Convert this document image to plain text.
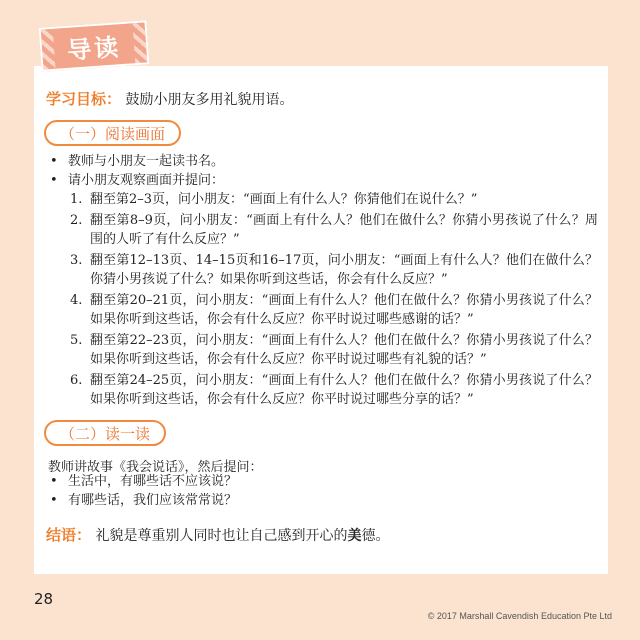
导读
学习目标： 鼓励小朋友多用礼貌用语。
（一）阅读画面
• 教师与小朋友一起读书名。
• 请小朋友观察画面并提问：
1. 翻至第2–3页，问小朋友：“画面上有什么人？你猜他们在说什么？”
2. 翻至第8–9页，问小朋友：“画面上有什么人？他们在做什么？你猜小男孩说了什么？周围的人听了有什么反应？”
3. 翻至第12–13页、14–15页和16–17页，问小朋友：“画面上有什么人？他们在做什么？你猜小男孩说了什么？如果你听到这些话，你会有什么反应？”
4. 翻至第20–21页，问小朋友：“画面上有什么人？他们在做什么？你猜小男孩说了什么？如果你听到这些话，你会有什么反应？你平时说过哪些感谢的话？”
5. 翻至第22–23页，问小朋友：“画面上有什么人？他们在做什么？你猜小男孩说了什么？如果你听到这些话，你会有什么反应？你平时说过哪些有礼貌的话？”
6. 翻至第24–25页，问小朋友：“画面上有什么人？他们在做什么？你猜小男孩说了什么？如果你听到这些话，你会有什么反应？你平时说过哪些分享的话？”
（二）读一读
教师讲故事《我会说话》，然后提问：
• 生活中，有哪些话不应该说？
• 有哪些话，我们应该常常说？
结语： 礼貌是尊重别人同时也让自己感到开心的美德。
28
© 2017 Marshall Cavendish Education Pte Ltd
